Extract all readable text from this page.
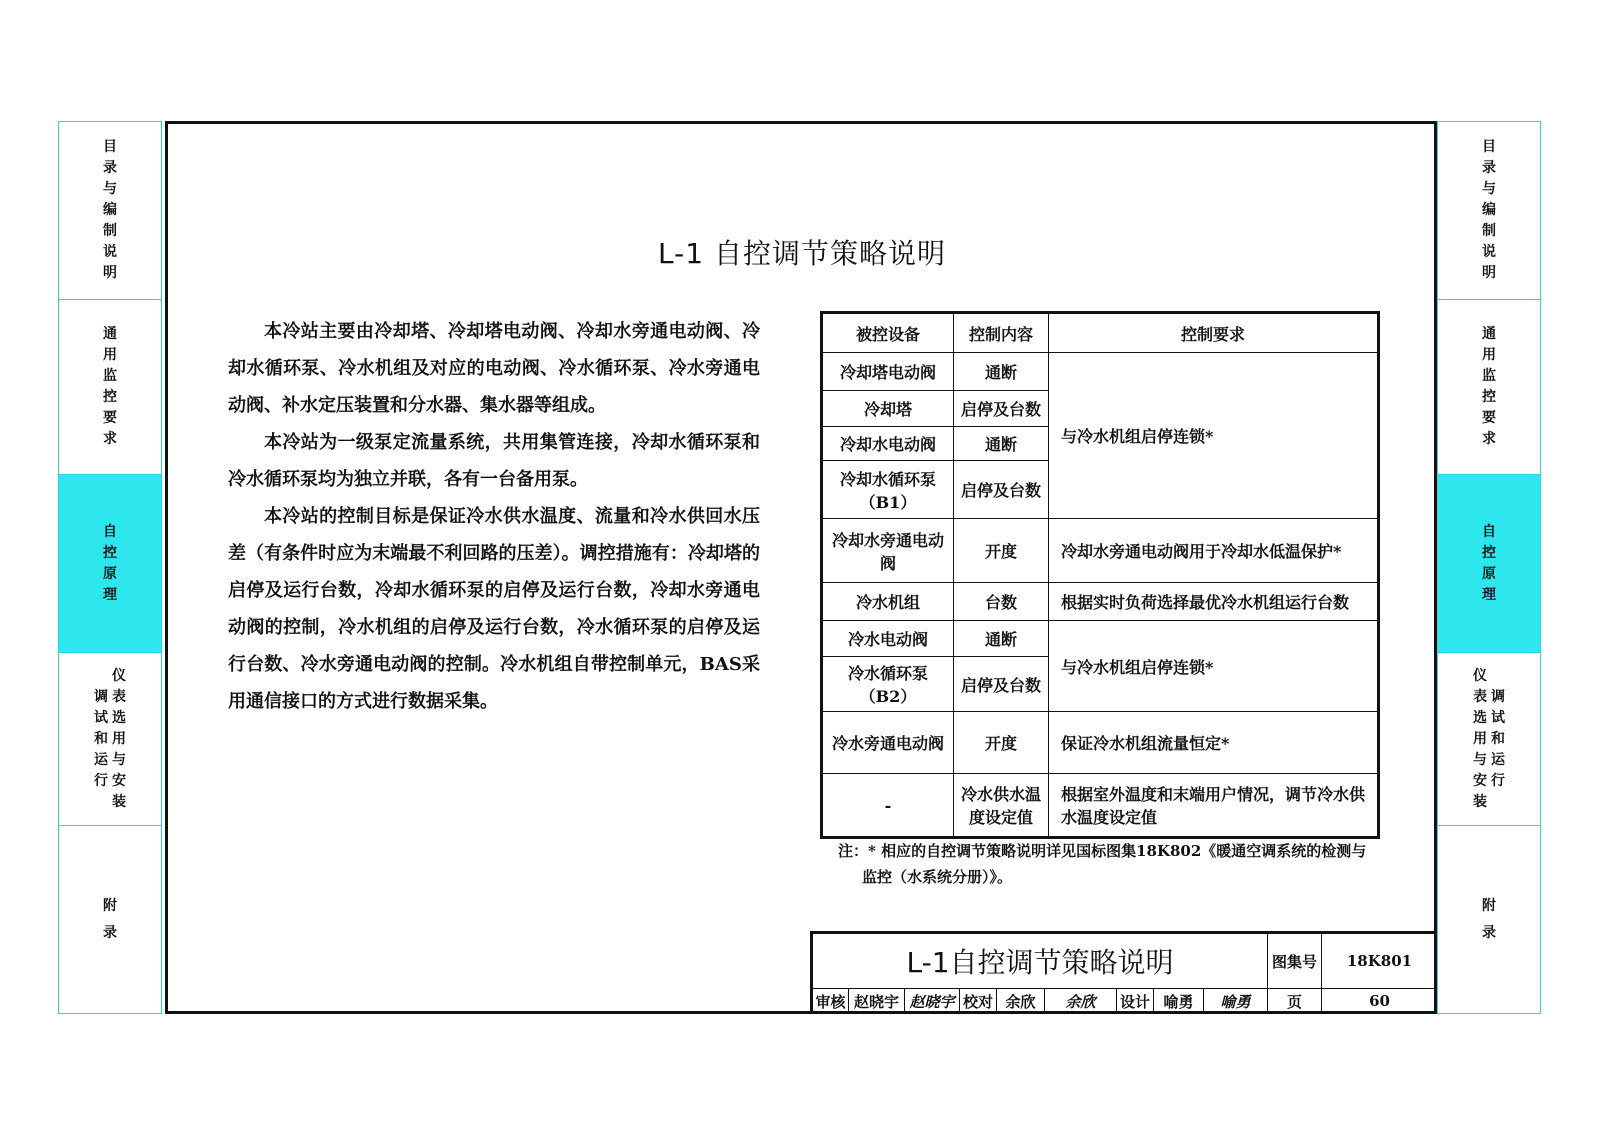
目
录
与
编
制
说
明
通
用
监
控
要
求
自
控
原
理
调
试
和
运
行
仪
表
选
用
与
安
装
附
录
目
录
与
编
制
说
明
通
用
监
控
要
求
自
控
原
理
仪
表
选
用
与
安
装
调
试
和
运
行
附
录
L-1 自控调节策略说明

本冷站主要由冷却塔、冷却塔电动阀、冷却水旁通电动阀、冷却水循环泵、冷水机组及对应的电动阀、冷水循环泵、冷水旁通电动阀、补水定压装置和分水器、集水器等组成。

本冷站为一级泵定流量系统，共用集管连接，冷却水循环泵和冷水循环泵均为独立并联，各有一台备用泵。

本冷站的控制目标是保证冷水供水温度、流量和冷水供回水压差（有条件时应为末端最不利回路的压差）。调控措施有：冷却塔的启停及运行台数，冷却水循环泵的启停及运行台数，冷却水旁通电动阀的控制，冷水机组的启停及运行台数，冷水循环泵的启停及运行台数、冷水旁通电动阀的控制。冷水机组自带控制单元，BAS采用通信接口的方式进行数据采集。

被控设备	控制内容	控制要求
冷却塔电动阀	通断	与冷水机组启停连锁*
冷却塔	启停及台数	
冷却水电动阀	通断	
冷却水循环泵（B1）	启停及台数	
冷却水旁通电动阀	开度	冷却水旁通电动阀用于冷却水低温保护*
冷水机组	台数	根据实时负荷选择最优冷水机组运行台数
冷水电动阀	通断	与冷水机组启停连锁*
冷水循环泵（B2）	启停及台数	
冷水旁通电动阀	开度	保证冷水机组流量恒定*
-	冷水供水温度设定值	根据室外温度和末端用户情况，调节冷水供水温度设定值
注：* 相应的自控调节策略说明详见国标图集18K802《暖通空调系统的检测与
监控（水系统分册）》。
L-1自控调节策略说明	图集号	18K801
审核 赵晓宇 赵晓宇 校对 余欣	余欣	设计 喻勇	喻勇	页	60
